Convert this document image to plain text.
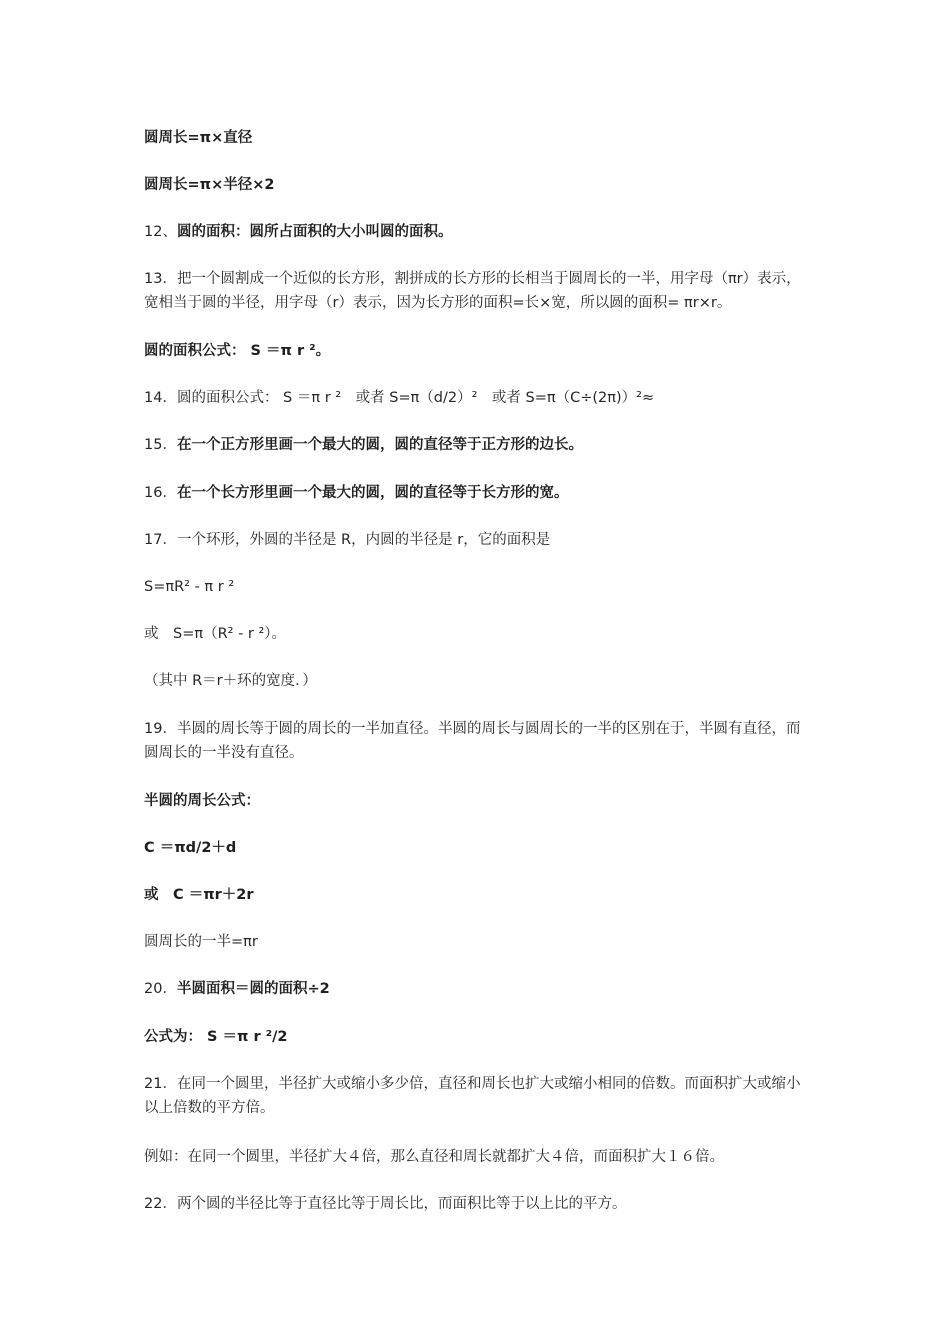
圆周长=π×直径
圆周长=π×半径×2
12、圆的面积：圆所占面积的大小叫圆的面积。
13．把一个圆割成一个近似的长方形，割拼成的长方形的长相当于圆周长的一半，用字母（πr）表示，宽相当于圆的半径，用字母（r）表示，因为长方形的面积=长×宽，所以圆的面积= πr×r。
圆的面积公式： S ＝π r ²。
14．圆的面积公式： S ＝π r ²　或者 S=π（d/2）²　或者 S=π（C÷(2π)）²≈
15．在一个正方形里画一个最大的圆，圆的直径等于正方形的边长。
16．在一个长方形里画一个最大的圆，圆的直径等于长方形的宽。
17．一个环形，外圆的半径是 R，内圆的半径是 r，它的面积是
S=πR² - π r ²
或　S=π（R² - r ²）。
（其中 R＝r＋环的宽度．）
19．半圆的周长等于圆的周长的一半加直径。半圆的周长与圆周长的一半的区别在于，半圆有直径，而圆周长的一半没有直径。
半圆的周长公式：
C ＝πd/2＋d
或　C ＝πr＋2r
圆周长的一半=πr
20．半圆面积＝圆的面积÷2
公式为： S ＝π r ²/2
21．在同一个圆里，半径扩大或缩小多少倍，直径和周长也扩大或缩小相同的倍数。而面积扩大或缩小以上倍数的平方倍。
例如：在同一个圆里，半径扩大４倍，那么直径和周长就都扩大４倍，而面积扩大１６倍。
22．两个圆的半径比等于直径比等于周长比，而面积比等于以上比的平方。
